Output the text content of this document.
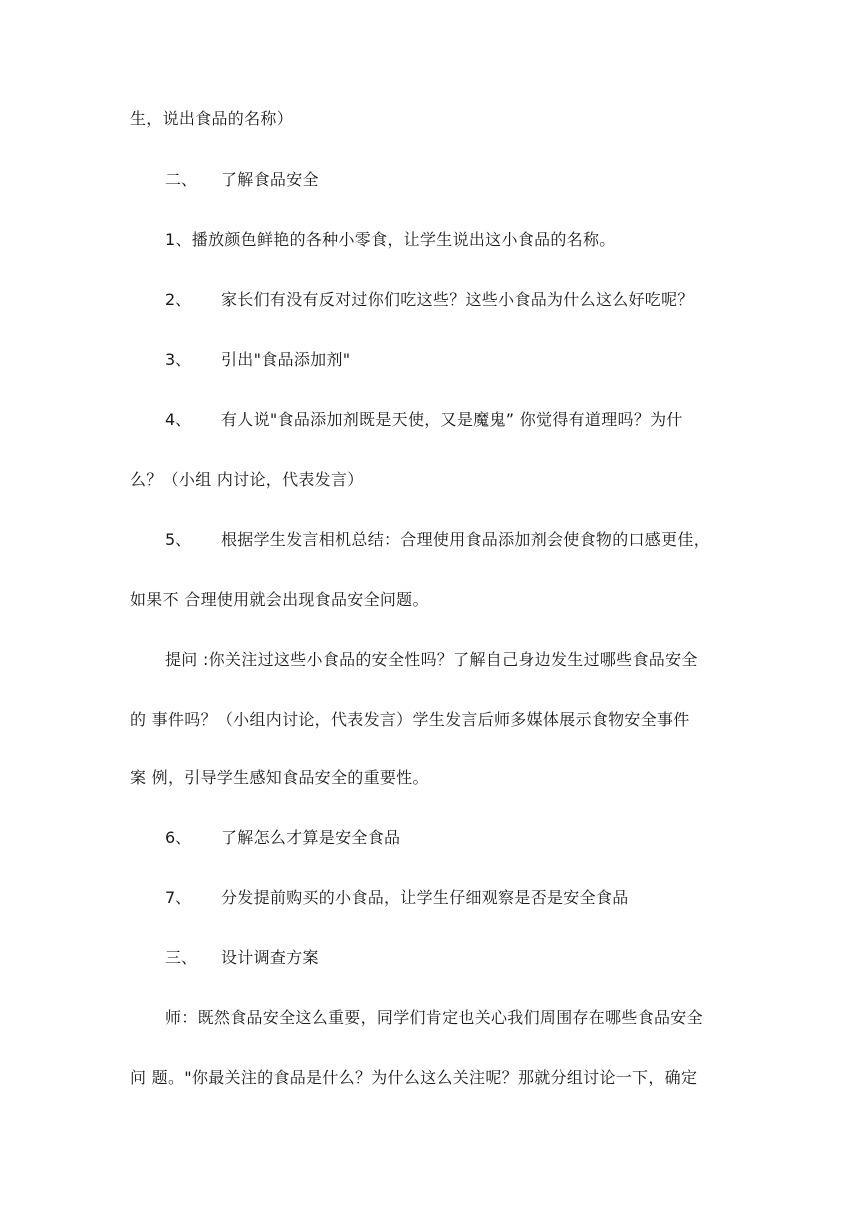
生，说出食品的名称）
二、 了解食品安全
1、播放颜色鲜艳的各种小零食，让学生说出这小食品的名称。
2、 家长们有没有反对过你们吃这些？这些小食品为什么这么好吃呢？
3、 引出"食品添加剂"
4、 有人说"食品添加剂既是天使，又是魔鬼” 你觉得有道理吗？为什
么？（小组 内讨论，代表发言）
5、 根据学生发言相机总结：合理使用食品添加剂会使食物的口感更佳，
如果不 合理使用就会出现食品安全问题。
提问 :你关注过这些小食品的安全性吗？了解自己身边发生过哪些食品安全
的 事件吗？（小组内讨论，代表发言）学生发言后师多媒体展示食物安全事件
案 例，引导学生感知食品安全的重要性。
6、 了解怎么才算是安全食品
7、 分发提前购买的小食品，让学生仔细观察是否是安全食品
三、 设计调查方案
师：既然食品安全这么重要，同学们肯定也关心我们周围存在哪些食品安全
问 题。"你最关注的食品是什么？为什么这么关注呢？那就分组讨论一下，确定
